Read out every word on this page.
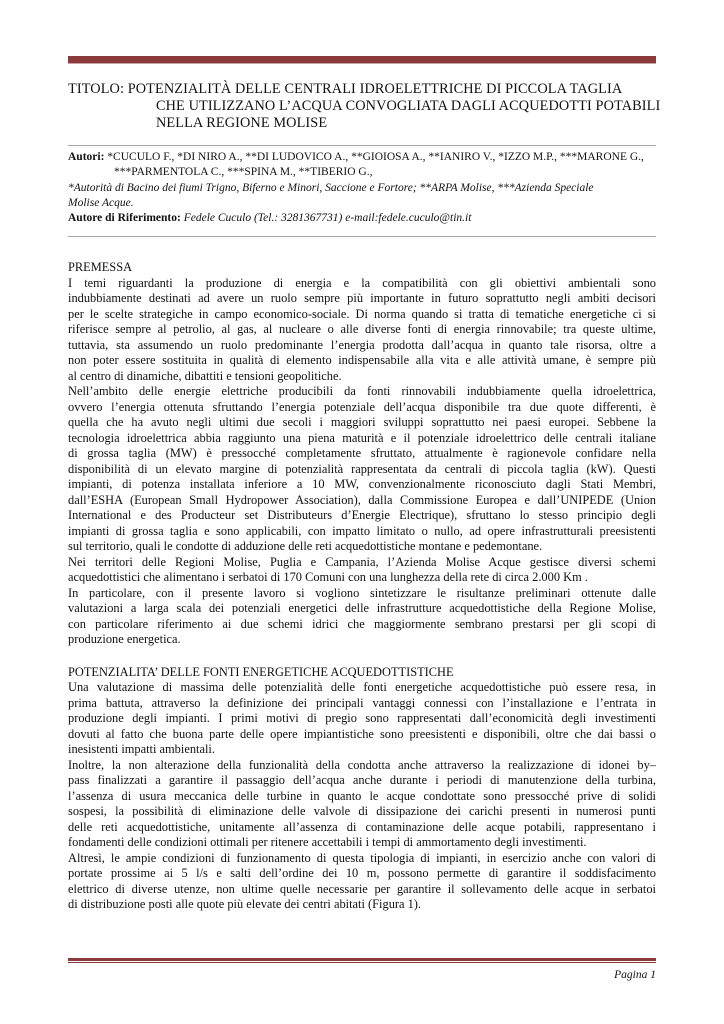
TITOLO: POTENZIALITÀ DELLE CENTRALI IDROELETTRICHE DI PICCOLA TAGLIA
CHE UTILIZZANO L’ACQUA CONVOGLIATA DAGLI ACQUEDOTTI POTABILI
NELLA REGIONE MOLISE
Autori: *CUCULO F., *DI NIRO A., **DI LUDOVICO A., **GIOIOSA A., **IANIRO V., *IZZO M.P., ***MARONE G.,
***PARMENTOLA C., ***SPINA M., **TIBERIO G.,
*Autorità di Bacino dei fiumi Trigno, Biferno e Minori, Saccione e Fortore; **ARPA Molise, ***Azienda Speciale
Molise Acque.
Autore di Riferimento: Fedele Cuculo (Tel.: 3281367731) e-mail:fedele.cuculo@tin.it
PREMESSA
I temi riguardanti la produzione di energia e la compatibilità con gli obiettivi ambientali sono
indubbiamente destinati ad avere un ruolo sempre più importante in futuro soprattutto negli ambiti decisori
per le scelte strategiche in campo economico-sociale. Di norma quando si tratta di tematiche energetiche ci si
riferisce sempre al petrolio, al gas, al nucleare o alle diverse fonti di energia rinnovabile; tra queste ultime,
tuttavia, sta assumendo un ruolo predominante l’energia prodotta dall’acqua in quanto tale risorsa, oltre a
non poter essere sostituita in qualità di elemento indispensabile alla vita e alle attività umane, è sempre più
al centro di dinamiche, dibattiti e tensioni geopolitiche.
Nell’ambito delle energie elettriche producibili da fonti rinnovabili indubbiamente quella idroelettrica,
ovvero l’energia ottenuta sfruttando l’energia potenziale dell’acqua disponibile tra due quote differenti, è
quella che ha avuto negli ultimi due secoli i maggiori sviluppi soprattutto nei paesi europei. Sebbene la
tecnologia idroelettrica abbia raggiunto una piena maturità e il potenziale idroelettrico delle centrali italiane
di grossa taglia (MW) è pressocché completamente sfruttato, attualmente è ragionevole confidare nella
disponibilità di un elevato margine di potenzialità rappresentata da centrali di piccola taglia (kW). Questi
impianti, di potenza installata inferiore a 10 MW, convenzionalmente riconosciuto dagli Stati Membri,
dall’ESHA (European Small Hydropower Association), dalla Commissione Europea e dall’UNIPEDE (Union
International e des Producteur set Distributeurs d’Energie Electrique), sfruttano lo stesso principio degli
impianti di grossa taglia e sono applicabili, con impatto limitato o nullo, ad opere infrastrutturali preesistenti
sul territorio, quali le condotte di adduzione delle reti acquedottistiche montane e pedemontane.
Nei territori delle Regioni Molise, Puglia e Campania, l’Azienda Molise Acque gestisce diversi schemi
acquedottistici che alimentano i serbatoi di 170 Comuni con una lunghezza della rete di circa 2.000 Km .
In particolare, con il presente lavoro si vogliono sintetizzare le risultanze preliminari ottenute dalle
valutazioni a larga scala dei potenziali energetici delle infrastrutture acquedottistiche della Regione Molise,
con particolare riferimento ai due schemi idrici che maggiormente sembrano prestarsi per gli scopi di
produzione energetica.
POTENZIALITA’ DELLE FONTI ENERGETICHE ACQUEDOTTISTICHE
Una valutazione di massima delle potenzialità delle fonti energetiche acquedottistiche può essere resa, in
prima battuta, attraverso la definizione dei principali vantaggi connessi con l’installazione e l’entrata in
produzione degli impianti. I primi motivi di pregio sono rappresentati dall’economicità degli investimenti
dovuti al fatto che buona parte delle opere impiantistiche sono preesistenti e disponibili, oltre che dai bassi o
inesistenti impatti ambientali.
Inoltre, la non alterazione della funzionalità della condotta anche attraverso la realizzazione di idonei by–
pass finalizzati a garantire il passaggio dell’acqua anche durante i periodi di manutenzione della turbina,
l’assenza di usura meccanica delle turbine in quanto le acque condottate sono pressocché prive di solidi
sospesi, la possibilità di eliminazione delle valvole di dissipazione dei carichi presenti in numerosi punti
delle reti acquedottistiche, unitamente all’assenza di contaminazione delle acque potabili, rappresentano i
fondamenti delle condizioni ottimali per ritenere accettabili i tempi di ammortamento degli investimenti.
Altresì, le ampie condizioni di funzionamento di questa tipologia di impianti, in esercizio anche con valori di
portate prossime ai 5 l/s e salti dell’ordine dei 10 m, possono permette di garantire il soddisfacimento
elettrico di diverse utenze, non ultime quelle necessarie per garantire il sollevamento delle acque in serbatoi
di distribuzione posti alle quote più elevate dei centri abitati (Figura 1).
Pagina 1
